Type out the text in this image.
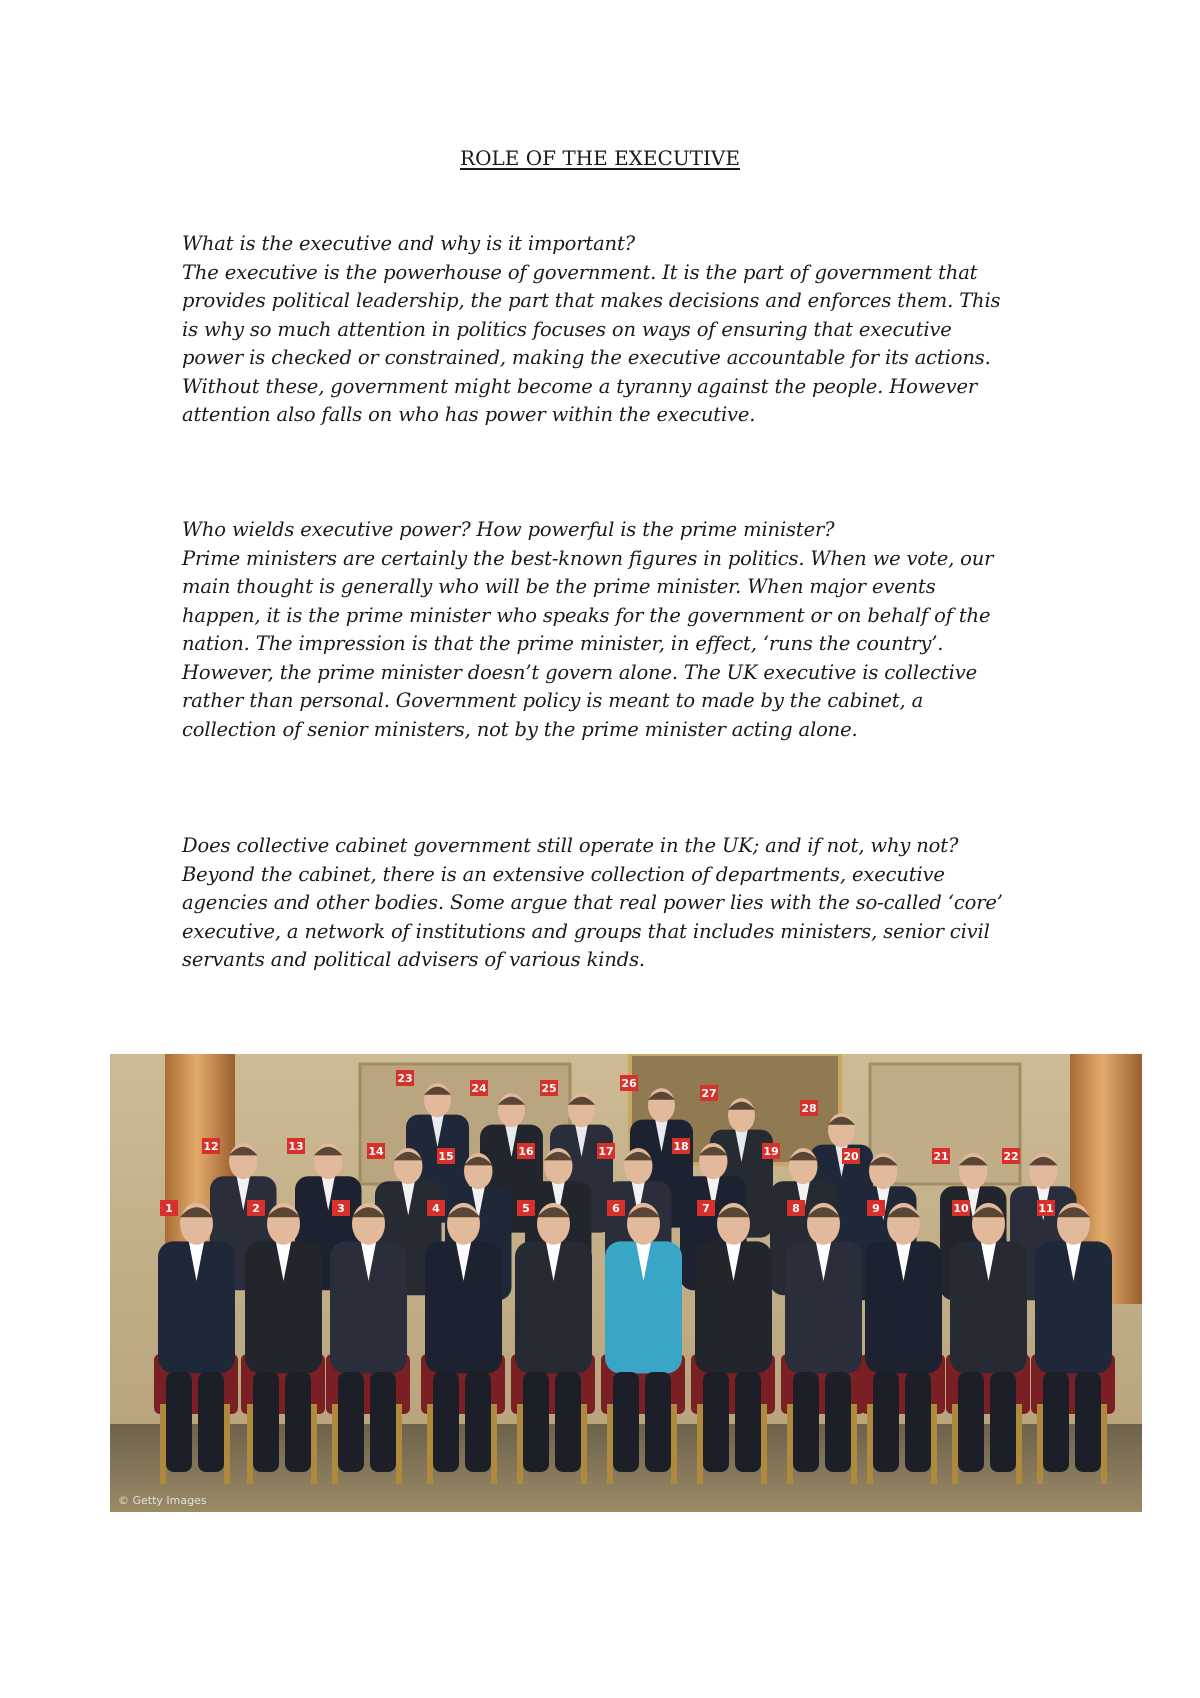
ROLE OF THE EXECUTIVE

What is the executive and why is it important?

The executive is the powerhouse of government. It is the part of government that

provides political leadership, the part that makes decisions and enforces them. This

is why so much attention in politics focuses on ways of ensuring that executive

power is checked or constrained, making the executive accountable for its actions.

Without these, government might become a tyranny against the people. However

attention also falls on who has power within the executive.

Who wields executive power? How powerful is the prime minister?

Prime ministers are certainly the best-known figures in politics. When we vote, our

main thought is generally who will be the prime minister. When major events

happen, it is the prime minister who speaks for the government or on behalf of the

nation. The impression is that the prime minister, in effect, ‘runs the country’.

However, the prime minister doesn’t govern alone. The UK executive is collective

rather than personal. Government policy is meant to made by the cabinet, a

collection of senior ministers, not by the prime minister acting alone.

Does collective cabinet government still operate in the UK; and if not, why not?

Beyond the cabinet, there is an extensive collection of departments, executive

agencies and other bodies. Some argue that real power lies with the so-called ‘core’

executive, a network of institutions and groups that includes ministers, senior civil

servants and political advisers of various kinds.

1	2	3	4	5	6	7	8	9	10	11
12	13	14	15	16	17	18	19	20	21	22
23
24	25	26
27
28
© Getty Images
